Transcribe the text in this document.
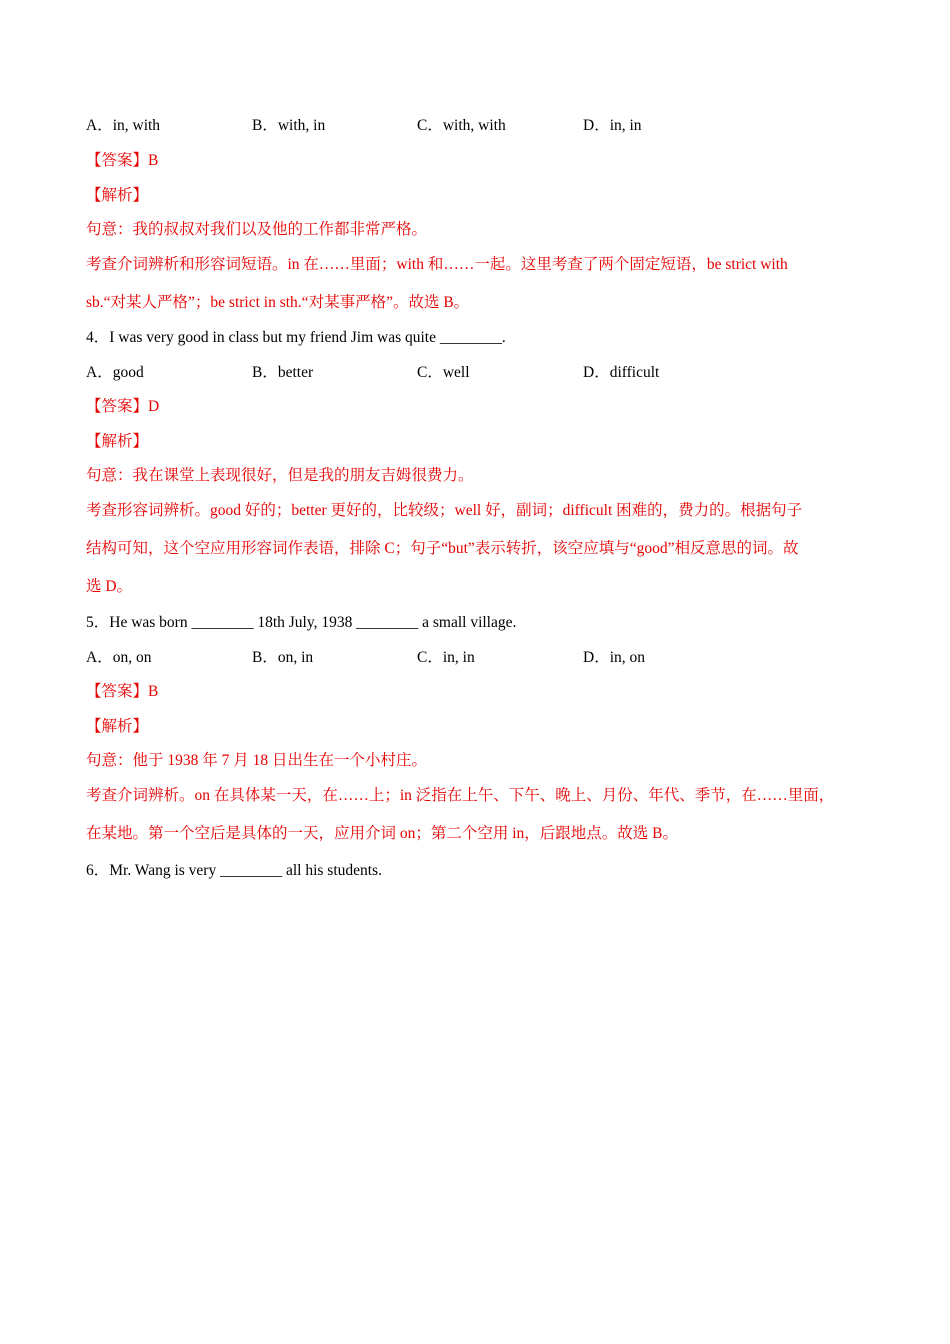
A．in, with	B．with, in	C．with, with	D．in, in
【答案】B
【解析】
句意：我的叔叔对我们以及他的工作都非常严格。
考查介词辨析和形容词短语。in 在……里面；with 和……一起。这里考查了两个固定短语，be strict with
sb.“对某人严格”；be strict in sth.“对某事严格”。故选 B。
4．I was very good in class but my friend Jim was quite ________.
A．good	B．better	C．well	D．difficult
【答案】D
【解析】
句意：我在课堂上表现很好，但是我的朋友吉姆很费力。
考查形容词辨析。good 好的；better 更好的，比较级；well 好，副词；difficult 困难的，费力的。根据句子
结构可知，这个空应用形容词作表语，排除 C；句子“but”表示转折，该空应填与“good”相反意思的词。故
选 D。
5．He was born ________ 18th July, 1938 ________ a small village.
A．on, on	B．on, in	C．in, in	D．in, on
【答案】B
【解析】
句意：他于 1938 年 7 月 18 日出生在一个小村庄。
考查介词辨析。on 在具体某一天，在……上；in 泛指在上午、下午、晚上、月份、年代、季节，在……里面，
在某地。第一个空后是具体的一天，应用介词 on；第二个空用 in，后跟地点。故选 B。
6．Mr. Wang is very ________ all his students.
